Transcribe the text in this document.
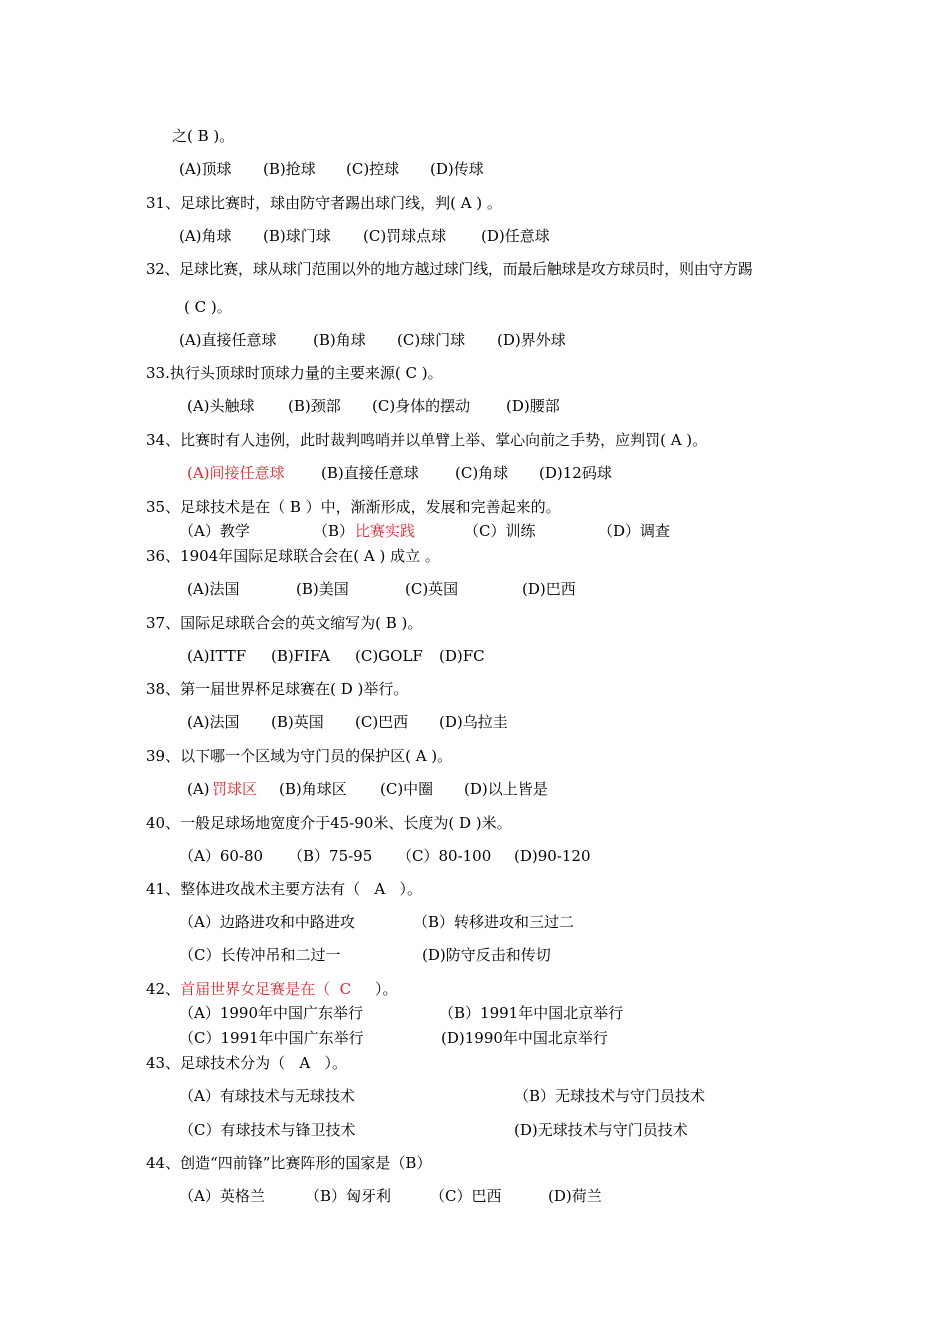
之( B )。
(A)顶球 (B)抢球 (C)控球 (D)传球
31、足球比赛时，球由防守者踢出球门线，判( A ) 。
(A)角球 (B)球门球 (C)罚球点球 (D)任意球
32、足球比赛，球从球门范围以外的地方越过球门线，而最后触球是攻方球员时，则由守方踢
( C )。
(A)直接任意球 (B)角球 (C)球门球 (D)界外球
33.执行头顶球时顶球力量的主要来源( C )。
(A)头触球 (B)颈部 (C)身体的摆动 (D)腰部
34、比赛时有人违例，此时裁判鸣哨并以单臂上举、掌心向前之手势，应判罚( A )。
(A)间接任意球 (B)直接任意球 (C)角球 (D)12码球
35、足球技术是在（ B ）中，渐渐形成，发展和完善起来的。
（A）教学	（B） 比赛实践	（C）训练	（D）调查
36、1904年国际足球联合会在( A ) 成立 。
(A)法国	(B)美国	(C)英国	(D)巴西
37、国际足球联合会的英文缩写为( B )。
(A)ITTF (B)FIFA (C)GOLF (D)FC
38、第一届世界杯足球赛在( D )举行。
(A)法国 (B)英国 (C)巴西 (D)乌拉圭
39、以下哪一个区域为守门员的保护区( A )。
(A) 罚球区 (B)角球区 (C)中圈 (D)以上皆是
40、一般足球场地宽度介于45-90米、长度为( D )米。
（A）60-80 （B）75-95 （C）80-100 (D)90-120
41、整体进攻战术主要方法有（   A   ）。
（A）边路进攻和中路进攻	（B）转移进攻和三过二
（C）长传冲吊和二过一	(D)防守反击和传切
42、首届世界女足赛是在（  C     ）。
（A）1990年中国广东举行	（B）1991年中国北京举行
（C）1991年中国广东举行	(D)1990年中国北京举行
43、足球技术分为（   A   ）。
（A）有球技术与无球技术	（B）无球技术与守门员技术
（C）有球技术与锋卫技术	(D)无球技术与守门员技术
44、创造“四前锋”比赛阵形的国家是（B）
（A）英格兰	（B）匈牙利	（C）巴西	(D)荷兰
